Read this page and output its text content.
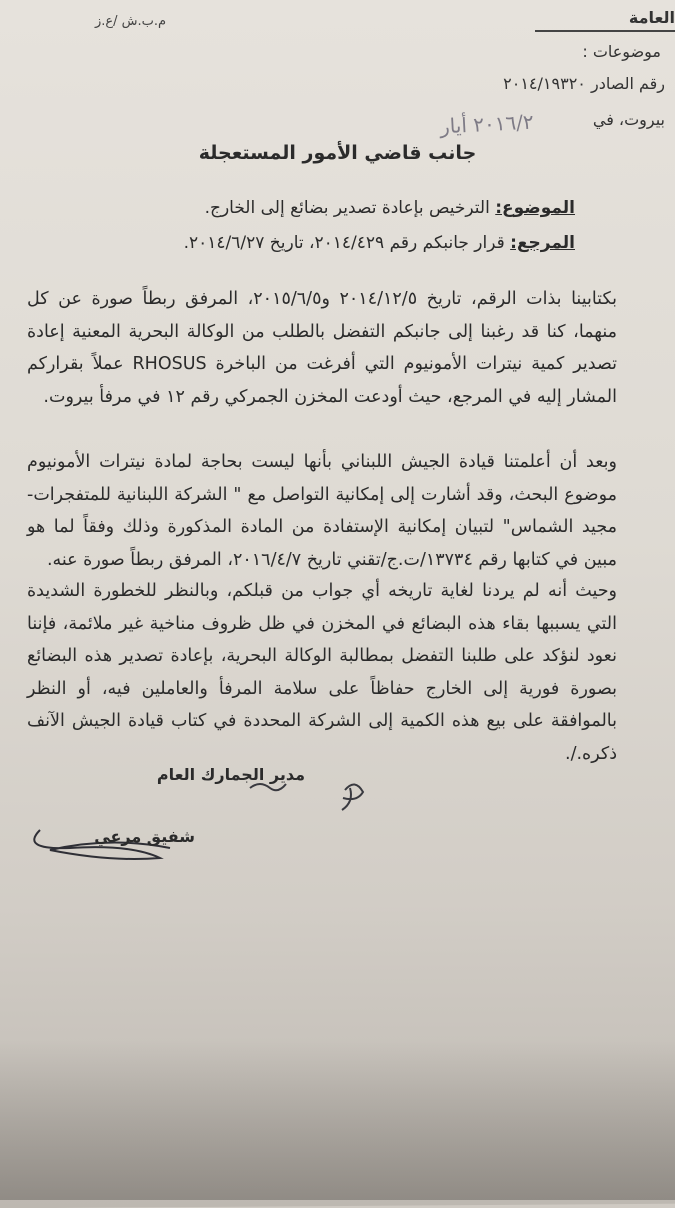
م.ب.ش /ع.ز	العامة
موضوعات :
رقم الصادر ٢٠١٤/١٩٣٢٠
بيروت، في
٢٠١٦/٢ أيار
جانب قاضي الأمور المستعجلة
الموضوع: الترخيص بإعادة تصدير بضائع إلى الخارج.
المرجع: قرار جانبكم رقم ٢٠١٤/٤٢٩، تاريخ ٢٠١٤/٦/٢٧.
بكتابينا بذات الرقم، تاريخ ٢٠١٤/١٢/٥ و٢٠١٥/٦/٥، المرفق ربطاً صورة عن كل منهما، كنا قد رغبنا إلى جانبكم التفضل بالطلب من الوكالة البحرية المعنية إعادة تصدير كمية نيترات الأمونيوم التي أفرغت من الباخرة RHOSUS عملاً بقراركم المشار إليه في المرجع، حيث أودعت المخزن الجمركي رقم ١٢ في مرفأ بيروت.
وبعد أن أعلمتنا قيادة الجيش اللبناني بأنها ليست بحاجة لمادة نيترات الأمونيوم موضوع البحث، وقد أشارت إلى إمكانية التواصل مع " الشركة اللبنانية للمتفجرات- مجيد الشماس" لتبيان إمكانية الإستفادة من المادة المذكورة وذلك وفقاً لما هو مبين في كتابها رقم ١٣٧٣٤/ت.ج/تقني تاريخ ٢٠١٦/٤/٧، المرفق ربطاً صورة عنه.
وحيث أنه لم يردنا لغاية تاريخه أي جواب من قبلكم، وبالنظر للخطورة الشديدة التي يسببها بقاء هذه البضائع في المخزن في ظل ظروف مناخية غير ملائمة، فإننا نعود لنؤكد على طلبنا التفضل بمطالبة الوكالة البحرية، بإعادة تصدير هذه البضائع بصورة فورية إلى الخارج حفاظاً على سلامة المرفأ والعاملين فيه، أو النظر بالموافقة على بيع هذه الكمية إلى الشركة المحددة في كتاب قيادة الجيش الآنف ذكره./.
مدير الجمارك العام
شفيق مرعي
